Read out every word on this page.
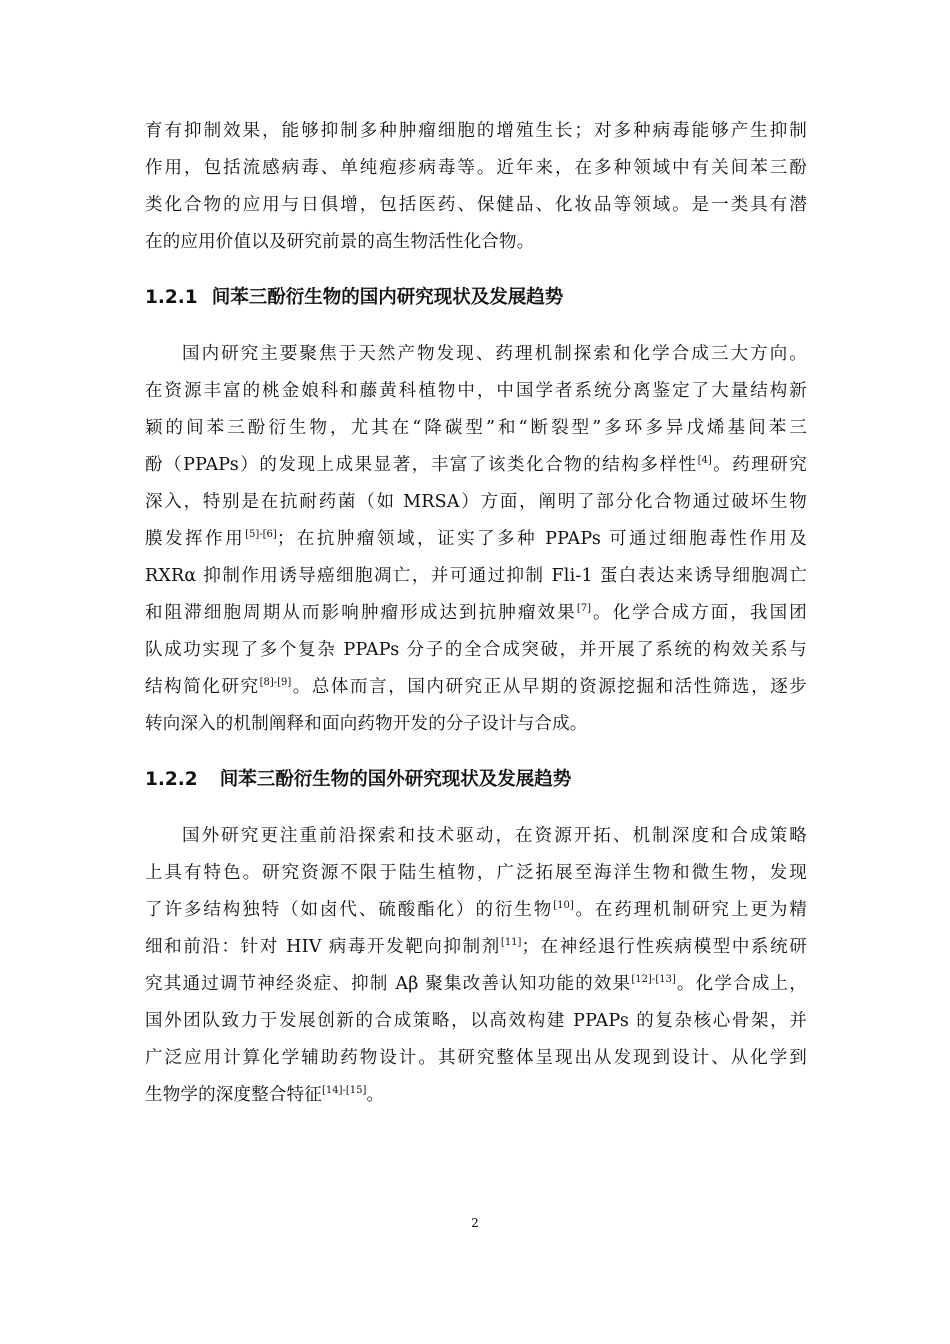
育有抑制效果，能够抑制多种肿瘤细胞的增殖生长；对多种病毒能够产生抑制
作用，包括流感病毒、单纯疱疹病毒等。近年来，在多种领域中有关间苯三酚
类化合物的应用与日俱增，包括医药、保健品、化妆品等领域。是一类具有潜
在的应用价值以及研究前景的高生物活性化合物。
1.2.1 间苯三酚衍生物的国内研究现状及发展趋势
国内研究主要聚焦于天然产物发现、药理机制探索和化学合成三大方向。
在资源丰富的桃金娘科和藤黄科植物中，中国学者系统分离鉴定了大量结构新
颖的间苯三酚衍生物，尤其在“降碳型”和“断裂型”多环多异戊烯基间苯三
酚（PPAPs）的发现上成果显著，丰富了该类化合物的结构多样性[4]。药理研究
深入，特别是在抗耐药菌（如 MRSA）方面，阐明了部分化合物通过破坏生物
膜发挥作用[5]-[6]；在抗肿瘤领域，证实了多种 PPAPs 可通过细胞毒性作用及
RXRα 抑制作用诱导癌细胞凋亡，并可通过抑制 Fli-1 蛋白表达来诱导细胞凋亡
和阻滞细胞周期从而影响肿瘤形成达到抗肿瘤效果[7]。化学合成方面，我国团
队成功实现了多个复杂 PPAPs 分子的全合成突破，并开展了系统的构效关系与
结构简化研究[8]-[9]。总体而言，国内研究正从早期的资源挖掘和活性筛选，逐步
转向深入的机制阐释和面向药物开发的分子设计与合成。
1.2.2 间苯三酚衍生物的国外研究现状及发展趋势
国外研究更注重前沿探索和技术驱动，在资源开拓、机制深度和合成策略
上具有特色。研究资源不限于陆生植物，广泛拓展至海洋生物和微生物，发现
了许多结构独特（如卤代、硫酸酯化）的衍生物[10]。在药理机制研究上更为精
细和前沿：针对 HIV 病毒开发靶向抑制剂[11]；在神经退行性疾病模型中系统研
究其通过调节神经炎症、抑制 Aβ 聚集改善认知功能的效果[12]-[13]。化学合成上，
国外团队致力于发展创新的合成策略，以高效构建 PPAPs 的复杂核心骨架，并
广泛应用计算化学辅助药物设计。其研究整体呈现出从发现到设计、从化学到
生物学的深度整合特征[14]-[15]。
2
